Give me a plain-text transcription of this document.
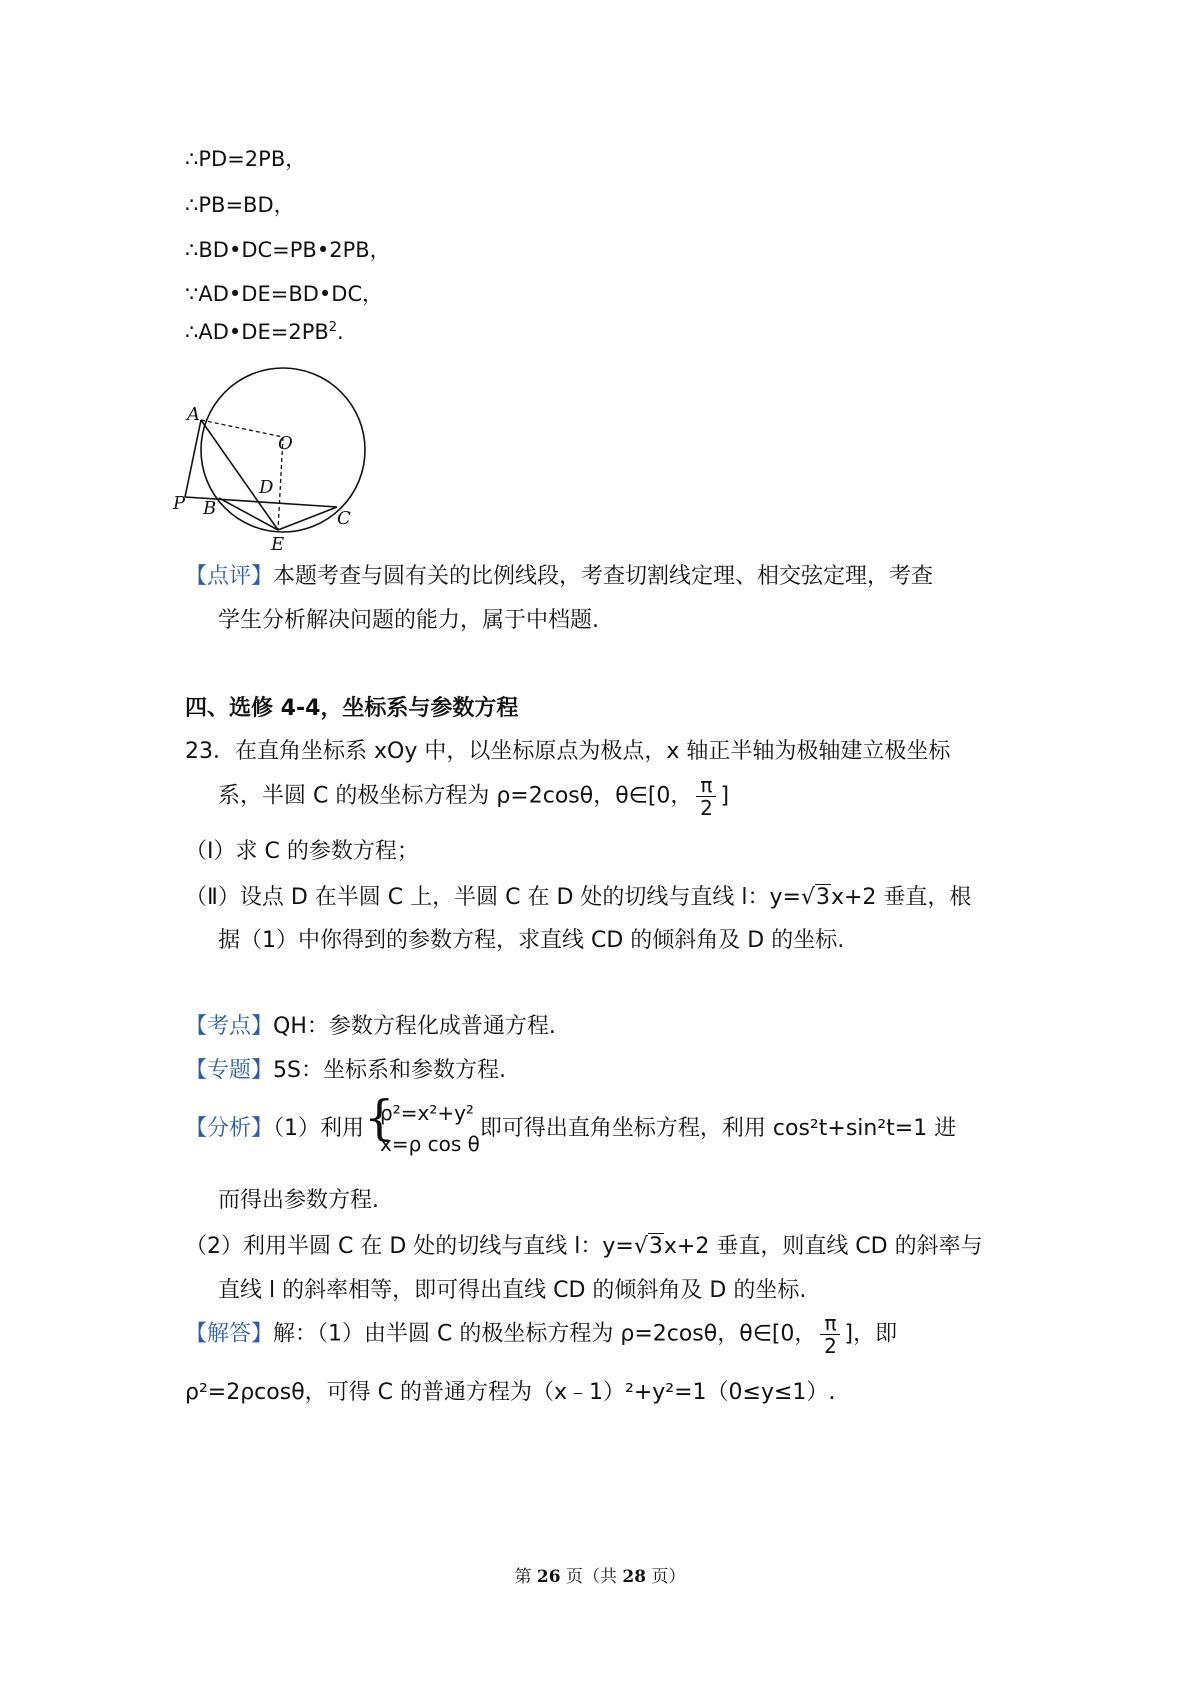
∴PD=2PB，
∴PB=BD，
∴BD•DC=PB•2PB，
∵AD•DE=BD•DC，
$\therefore AD•DE=2PB^2$.
A
O
D
P B	C
E
【点评】本题考查与圆有关的比例线段，考查切割线定理、相交弦定理，考查
学生分析解决问题的能力，属于中档题.
四、选修 4-4，坐标系与参数方程
23．在直角坐标系 xOy 中，以坐标原点为极点，x 轴正半轴为极轴建立极坐标
系，半圆 C 的极坐标方程为 ρ=2cosθ，θ∈[0， $\frac{\pi}{2}$ ]
（Ⅰ）求 C 的参数方程；
（Ⅱ）设点 D 在半圆 C 上，半圆 C 在 D 处的切线与直线 l：y=√3x+2 垂直，根
据（1）中你得到的参数方程，求直线 CD 的倾斜角及 D 的坐标.
【考点】QH：参数方程化成普通方程.
【专题】5S：坐标系和参数方程.
【分析】（1）利用 {
ρ²=x²+y²
x=ρ cos θ
即可得出直角坐标方程，利用 cos²t+sin²t=1 进
而得出参数方程.
（2）利用半圆 C 在 D 处的切线与直线 l：y=√3x+2 垂直，则直线 CD 的斜率与
直线 l 的斜率相等，即可得出直线 CD 的倾斜角及 D 的坐标.
【解答】解：（1）由半圆 C 的极坐标方程为 ρ=2cosθ，θ∈[0， $\frac{\pi}{2}$ ]，即
ρ²=2ρcosθ，可得 C 的普通方程为（x﹣1）²+y²=1（0≤y≤1）.
第 26 页（共 28 页）
